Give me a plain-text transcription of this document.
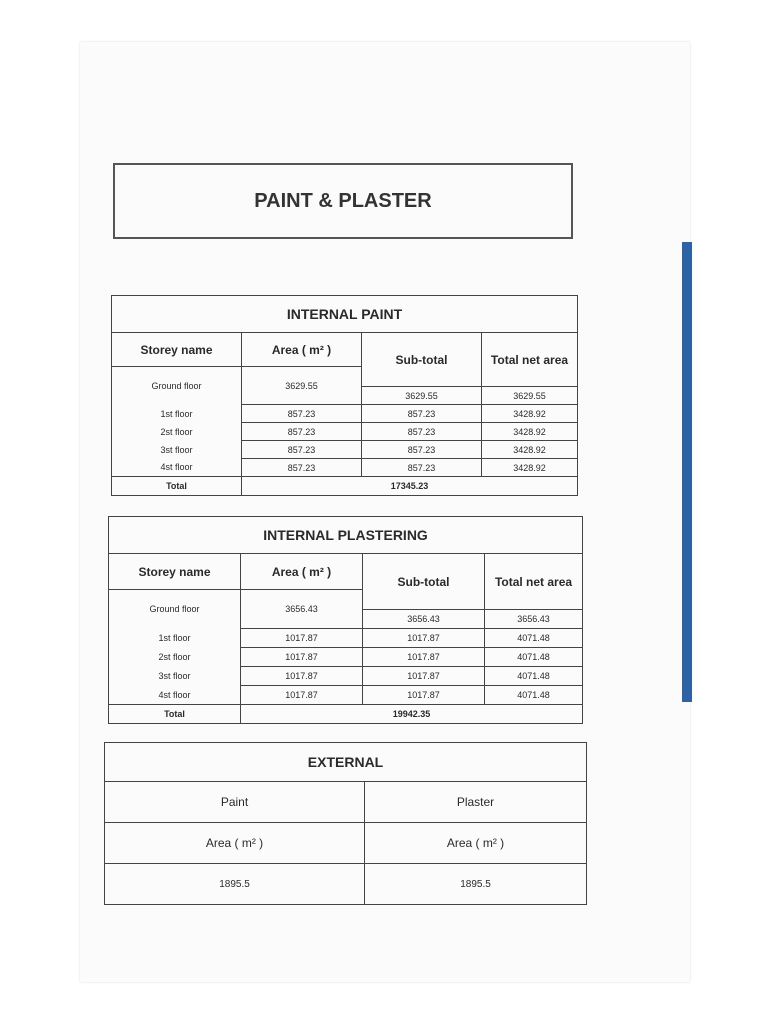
PAINT & PLASTER
INTERNAL PAINT			
Storey name	Area ( m² )	Sub-total	Total net area
Ground floor	3629.55		
		3629.55	3629.55
1st floor	857.23	857.23	3428.92
2st floor	857.23	857.23	3428.92
3st floor	857.23	857.23	3428.92
4st floor	857.23	857.23	3428.92
Total	17345.23		
INTERNAL PLASTERING			
Storey name	Area ( m² )	Sub-total	Total net area
Ground floor	3656.43		
		3656.43	3656.43
1st floor	1017.87	1017.87	4071.48
2st floor	1017.87	1017.87	4071.48
3st floor	1017.87	1017.87	4071.48
4st floor	1017.87	1017.87	4071.48
Total	19942.35		
EXTERNAL	
Paint	Plaster
Area ( m² )	Area ( m² )
1895.5	1895.5
